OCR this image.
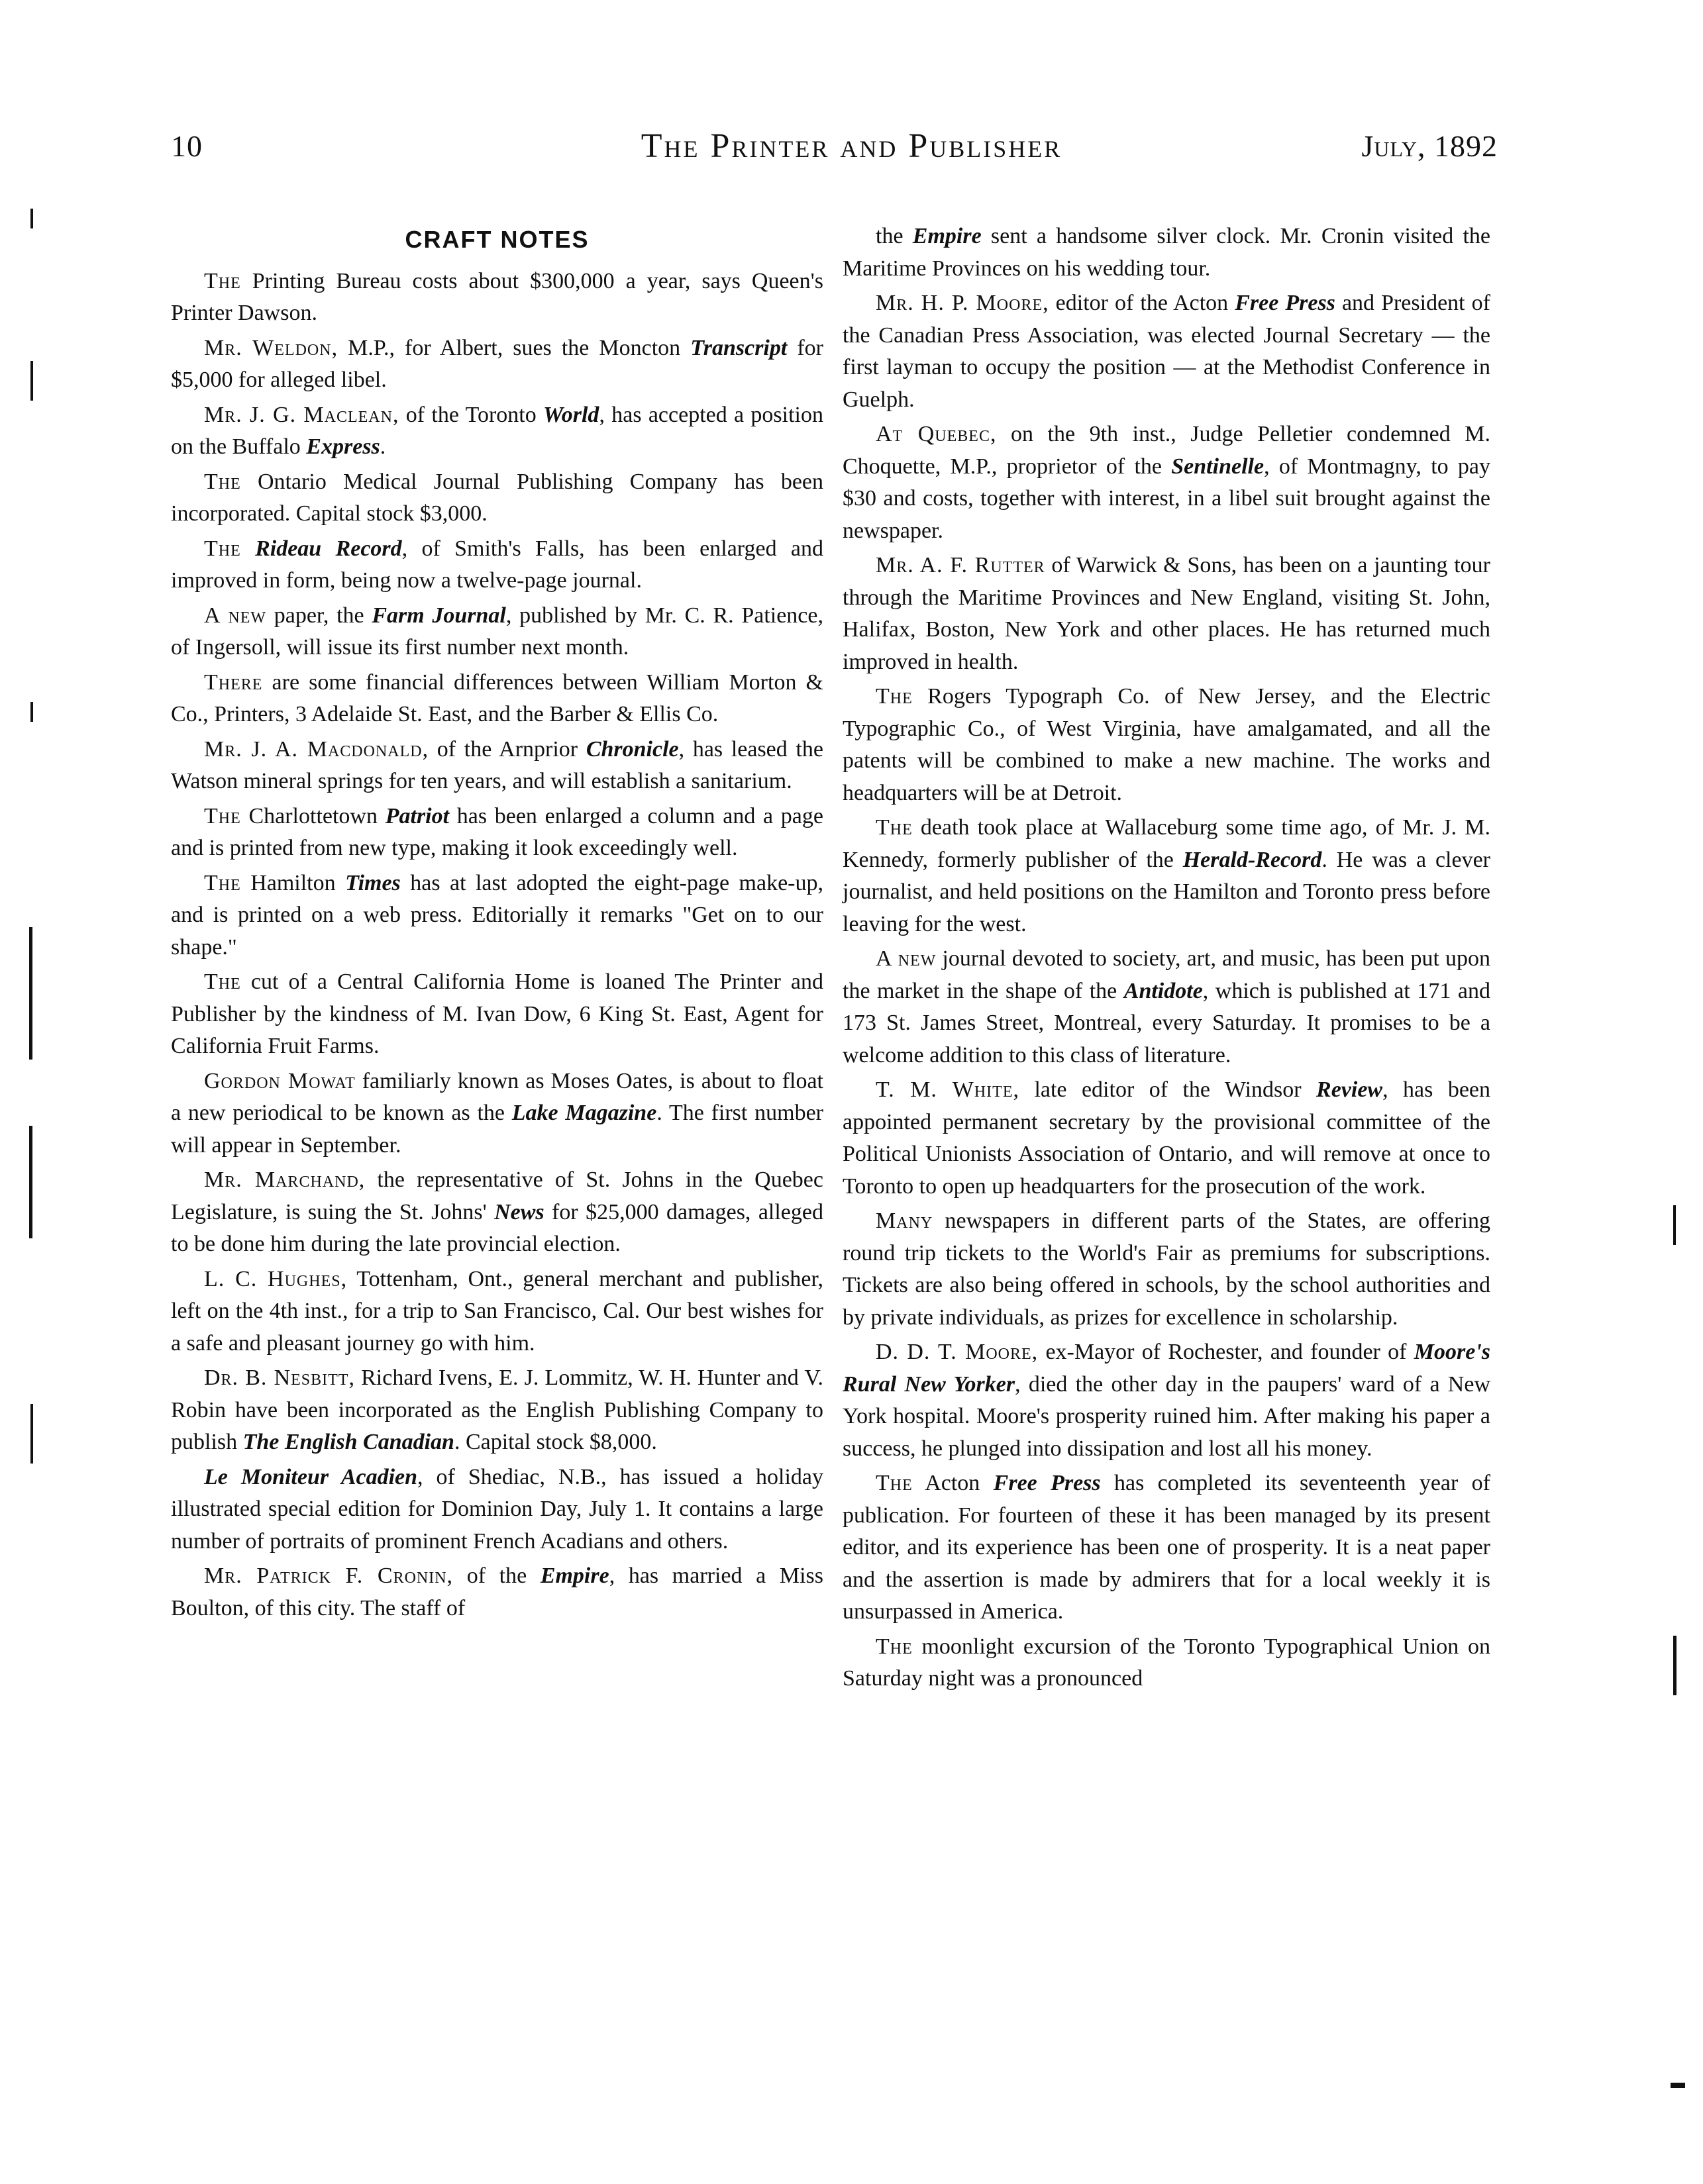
10	The Printer and Publisher	July, 1892
CRAFT NOTES

The Printing Bureau costs about $300,000 a year, says Queen's Printer Dawson.

Mr. Weldon, M.P., for Albert, sues the Moncton Transcript for $5,000 for alleged libel.

Mr. J. G. Maclean, of the Toronto World, has accepted a position on the Buffalo Express.

The Ontario Medical Journal Publishing Company has been incorporated. Capital stock $3,000.

The Rideau Record, of Smith's Falls, has been enlarged and improved in form, being now a twelve-page journal.

A new paper, the Farm Journal, published by Mr. C. R. Patience, of Ingersoll, will issue its first number next month.

There are some financial differences between William Morton & Co., Printers, 3 Adelaide St. East, and the Barber & Ellis Co.

Mr. J. A. Macdonald, of the Arnprior Chronicle, has leased the Watson mineral springs for ten years, and will establish a sanitarium.

The Charlottetown Patriot has been enlarged a column and a page and is printed from new type, making it look exceedingly well.

The Hamilton Times has at last adopted the eight-page make-up, and is printed on a web press. Editorially it remarks "Get on to our shape."

The cut of a Central California Home is loaned The Printer and Publisher by the kindness of M. Ivan Dow, 6 King St. East, Agent for California Fruit Farms.

Gordon Mowat familiarly known as Moses Oates, is about to float a new periodical to be known as the Lake Magazine. The first number will appear in September.

Mr. Marchand, the representative of St. Johns in the Quebec Legislature, is suing the St. Johns' News for $25,000 damages, alleged to be done him during the late provincial election.

L. C. Hughes, Tottenham, Ont., general merchant and publisher, left on the 4th inst., for a trip to San Francisco, Cal. Our best wishes for a safe and pleasant journey go with him.

Dr. B. Nesbitt, Richard Ivens, E. J. Lommitz, W. H. Hunter and V. Robin have been incorporated as the English Publishing Company to publish The English Canadian. Capital stock $8,000.

Le Moniteur Acadien, of Shediac, N.B., has issued a holiday illustrated special edition for Dominion Day, July 1. It contains a large number of portraits of prominent French Acadians and others.

Mr. Patrick F. Cronin, of the Empire, has married a Miss Boulton, of this city. The staff of

the Empire sent a handsome silver clock. Mr. Cronin visited the Maritime Provinces on his wedding tour.

Mr. H. P. Moore, editor of the Acton Free Press and President of the Canadian Press Association, was elected Journal Secretary — the first layman to occupy the position — at the Methodist Conference in Guelph.

At Quebec, on the 9th inst., Judge Pelletier condemned M. Choquette, M.P., proprietor of the Sentinelle, of Montmagny, to pay $30 and costs, together with interest, in a libel suit brought against the newspaper.

Mr. A. F. Rutter of Warwick & Sons, has been on a jaunting tour through the Maritime Provinces and New England, visiting St. John, Halifax, Boston, New York and other places. He has returned much improved in health.

The Rogers Typograph Co. of New Jersey, and the Electric Typographic Co., of West Virginia, have amalgamated, and all the patents will be combined to make a new machine. The works and headquarters will be at Detroit.

The death took place at Wallaceburg some time ago, of Mr. J. M. Kennedy, formerly publisher of the Herald-Record. He was a clever journalist, and held positions on the Hamilton and Toronto press before leaving for the west.

A new journal devoted to society, art, and music, has been put upon the market in the shape of the Antidote, which is published at 171 and 173 St. James Street, Montreal, every Saturday. It promises to be a welcome addition to this class of literature.

T. M. White, late editor of the Windsor Review, has been appointed permanent secretary by the provisional committee of the Political Unionists Association of Ontario, and will remove at once to Toronto to open up headquarters for the prosecution of the work.

Many newspapers in different parts of the States, are offering round trip tickets to the World's Fair as premiums for subscriptions. Tickets are also being offered in schools, by the school authorities and by private individuals, as prizes for excellence in scholarship.

D. D. T. Moore, ex-Mayor of Rochester, and founder of Moore's Rural New Yorker, died the other day in the paupers' ward of a New York hospital. Moore's prosperity ruined him. After making his paper a success, he plunged into dissipation and lost all his money.

The Acton Free Press has completed its seventeenth year of publication. For fourteen of these it has been managed by its present editor, and its experience has been one of prosperity. It is a neat paper and the assertion is made by admirers that for a local weekly it is unsurpassed in America.

The moonlight excursion of the Toronto Typographical Union on Saturday night was a pronounced
